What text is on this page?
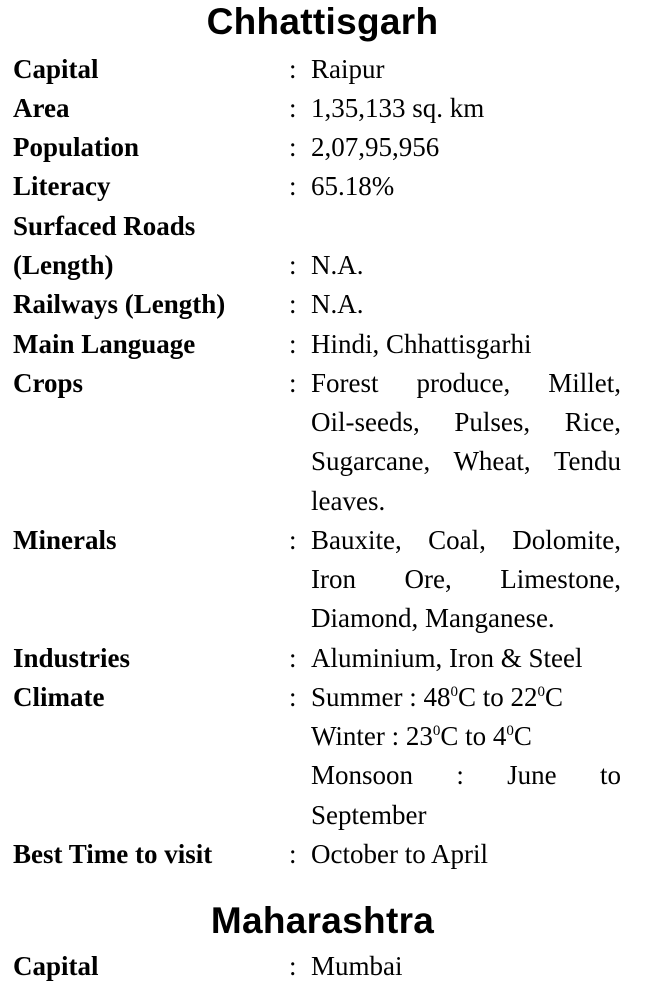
Chhattisgarh
Capital	: Raipur
Area	: 1,35,133 sq. km
Population	: 2,07,95,956
Literacy	: 65.18%
Surfaced Roads
(Length)	: N.A.
Railways (Length) : N.A.
Main Language	: Hindi, Chhattisgarhi
Crops	: Forest produce, Millet,
Oil-seeds, Pulses, Rice,
Sugarcane, Wheat, Tendu
leaves.
Minerals	: Bauxite, Coal, Dolomite,
Iron Ore, Limestone,
Diamond, Manganese.
Industries	: Aluminium, Iron & Steel
Climate	: Summer : $48^0C$ to $22^0C$
Winter : $23^0C$ to $4^0C$
Monsoon : June to
September
Best Time to visit	: October to April
Maharashtra
Capital	: Mumbai
